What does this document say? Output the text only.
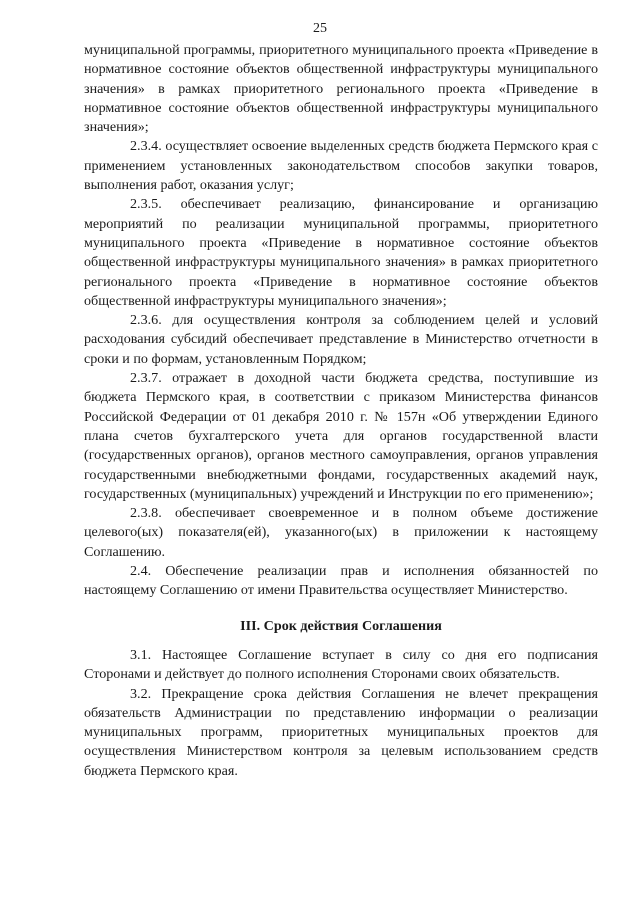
25

муниципальной программы, приоритетного муниципального проекта «Приведение в нормативное состояние объектов общественной инфраструктуры муниципального значения» в рамках приоритетного регионального проекта «Приведение в нормативное состояние объектов общественной инфраструктуры муниципального значения»;

2.3.4. осуществляет освоение выделенных средств бюджета Пермского края с применением установленных законодательством способов закупки товаров, выполнения работ, оказания услуг;

2.3.5. обеспечивает реализацию, финансирование и организацию мероприятий по реализации муниципальной программы, приоритетного муниципального проекта «Приведение в нормативное состояние объектов общественной инфраструктуры муниципального значения» в рамках приоритетного регионального проекта «Приведение в нормативное состояние объектов общественной инфраструктуры муниципального значения»;

2.3.6. для осуществления контроля за соблюдением целей и условий расходования субсидий обеспечивает представление в Министерство отчетности в сроки и по формам, установленным Порядком;

2.3.7. отражает в доходной части бюджета средства, поступившие из бюджета Пермского края, в соответствии с приказом Министерства финансов Российской Федерации от 01 декабря 2010 г. № 157н «Об утверждении Единого плана счетов бухгалтерского учета для органов государственной власти (государственных органов), органов местного самоуправления, органов управления государственными внебюджетными фондами, государственных академий наук, государственных (муниципальных) учреждений и Инструкции по его применению»;

2.3.8. обеспечивает своевременное и в полном объеме достижение целевого(ых) показателя(ей), указанного(ых) в приложении к настоящему Соглашению.

2.4. Обеспечение реализации прав и исполнения обязанностей по настоящему Соглашению от имени Правительства осуществляет Министерство.

III. Срок действия Соглашения

3.1. Настоящее Соглашение вступает в силу со дня его подписания Сторонами и действует до полного исполнения Сторонами своих обязательств.

3.2. Прекращение срока действия Соглашения не влечет прекращения обязательств Администрации по представлению информации о реализации муниципальных программ, приоритетных муниципальных проектов для осуществления Министерством контроля за целевым использованием средств бюджета Пермского края.
